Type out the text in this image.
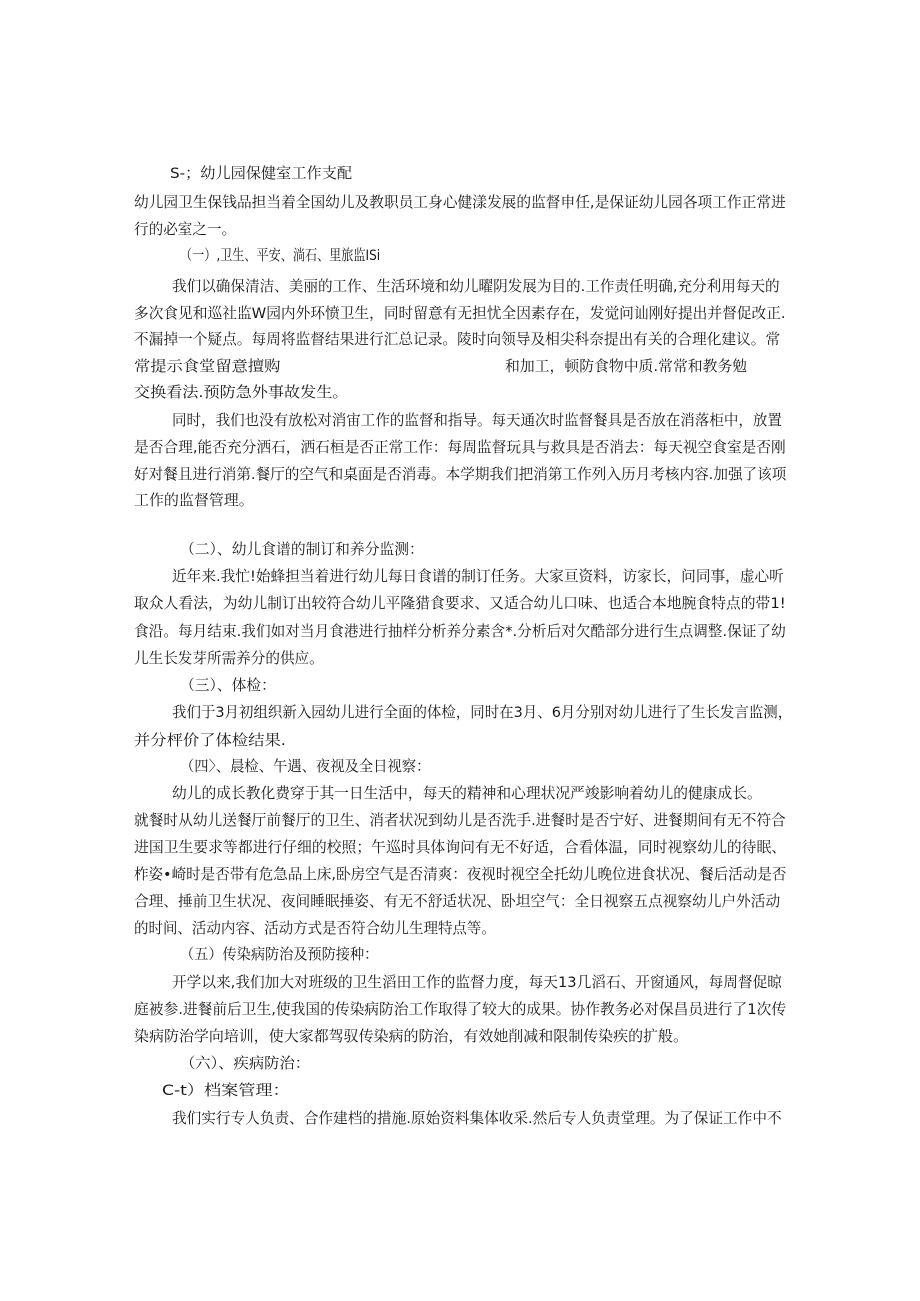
S-；幼儿园保健室工作支配
幼儿园卫生保钱品担当着全国幼儿及教职员工身心健漾发展的监督申任,是保证幼儿园各项工作正常进
行的必室之一。
（一）,卫生、平安、淌石、里旅监ISi
我们以确保清洁、美丽的工作、生活环境和幼儿曜阴发展为目的.工作责任明确,充分利用每天的
多次食见和巡社监W园内外环愤卫生，同时留意有无担忧全因素存在，发觉问讪刚好提出并督促改正.
不漏掉一个疑点。每周将监督结果进行汇总记录。陵时向领导及相尖科奈提出有关的合理化建议。常
常提示食堂留意擅购	和加工，顿防食物中质.常常和教务勉
交换看法.预防急外事故发生。
同时，我们也没有放松对消宙工作的监督和指导。每天通次时监督餐具是否放在消落柜中，放置
是否合理,能否充分洒石，洒石桓是否正常工作：每周监督玩具与救具是否消去：每天视空食室是否刚
好对餐且进行消第.餐厅的空气和桌面是否消毒。本学期我们把消第工作列入历月考核内容.加强了该项
工作的监督管理。
（二）、幼儿食谱的制订和养分监测：
近年来.我忙!始蜂担当着进行幼儿每日食谱的制订任务。大家亘资料，访家长，问同事，虚心听
取众人看法，为幼儿制订出较符合幼儿平隆猎食要求、又适合幼儿口味、也适合本地腕食特点的带1!
食沿。每月结束.我们如对当月食港进行抽样分析养分素含*.分析后对欠酷部分进行生点调整.保证了幼
儿生长发芽所需养分的供应。
（三）、体检：
我们于3月初组织新入园幼儿进行全面的体检，同时在3月、6月分别对幼儿进行了生长发言监测，
并分枰价了体检结果.
（四〉、晨检、午遇、夜视及全日视察：
幼儿的成长教化费穿于其一日生活中，每天的精神和心理状况严竣影响着幼儿的健康成长。
就餐时从幼儿送餐厅前餐厅的卫生、消者状况到幼儿是否洗手.进餐时是否宁好、进餐期间有无不符合
进国卫生要求等都进行仔细的校照；午巡时具体询问有无不好适，合看体温，同时视察幼儿的待眠、
柞姿•崎时是否带有危急品上床,卧房空气是否清爽：夜视时视空全托幼儿晚位进食状况、餐后活动是否
合理、捶前卫生状况、夜间睡眠捶姿、有无不舒适状况、卧坦空气：全日视察五点视察幼儿户外活动
的时间、活动内容、活动方式是否符合幼儿生理特点等。
（五）传染病防治及预防接种：
开学以来,我们加大对班级的卫生滔田工作的监督力度，每天13几滔石、开窗通风，每周督促晾
庭被参.进餐前后卫生,使我国的传染病防治工作取得了较大的成果。协作教务必对保昌员进行了1次传
染病防治学向培训，使大家都驾驭传染病的防治，有效她削减和限制传染疾的扩般。
（六）、疾病防治：
C-t）档案管理：
我们实行专人负责、合作建档的措施.原始资料集体收采.然后专人负责堂理。为了保证工作中不
